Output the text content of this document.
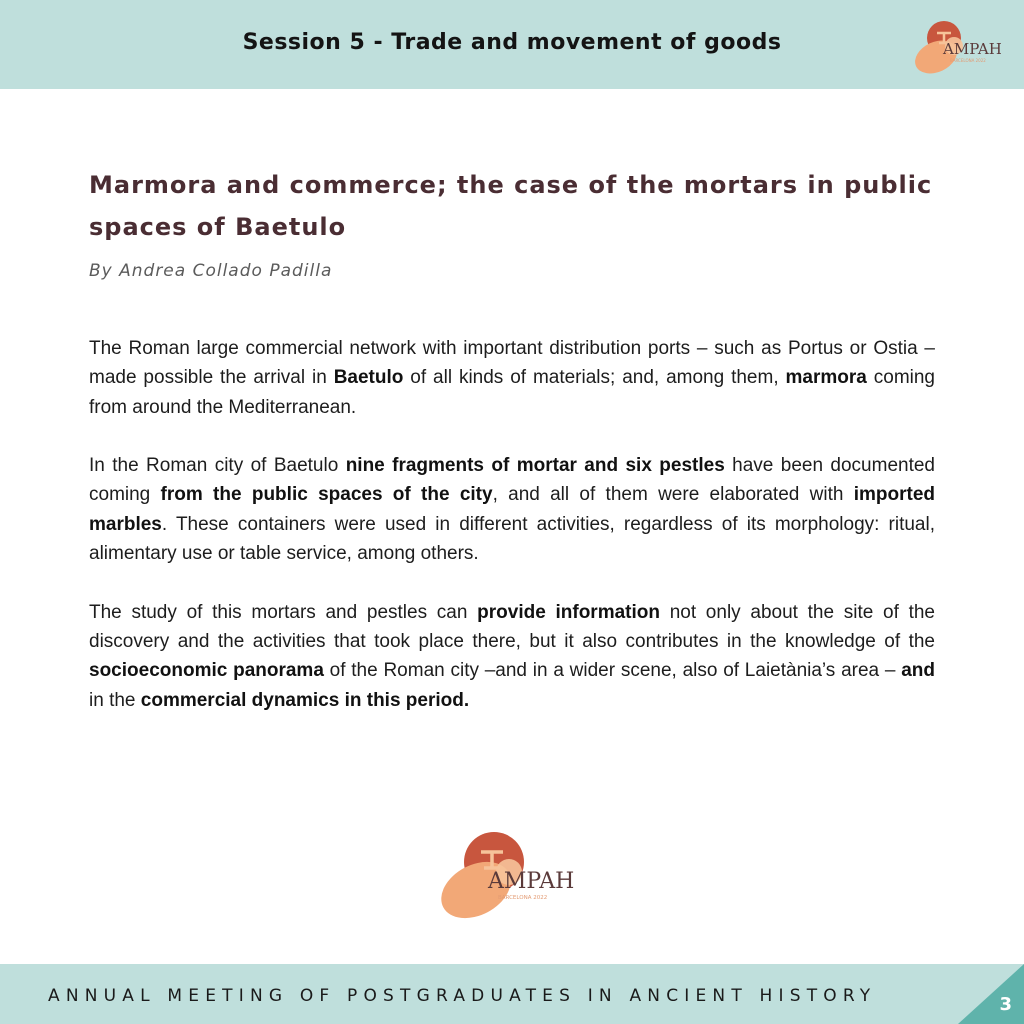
Session 5 - Trade and movement of goods	AMPAH
BARCELONA 2022
Marmora and commerce; the case of the mortars in public
spaces of Baetulo
By Andrea Collado Padilla

The Roman large commercial network with important distribution ports – such as Portus or Ostia – made possible the arrival in Baetulo of all kinds of materials; and, among them, marmora coming from around the Mediterranean.

In the Roman city of Baetulo nine fragments of mortar and six pestles have been documented coming from the public spaces of the city, and all of them were elaborated with imported marbles. These containers were used in different activities, regardless of its morphology: ritual, alimentary use or table service, among others.

The study of this mortars and pestles can provide information not only about the site of the discovery and the activities that took place there, but it also contributes in the knowledge of the socioeconomic panorama of the Roman city –and in a wider scene, also of Laietània’s area – and in the commercial dynamics in this period.

AMPAH
BARCELONA 2022
ANNUAL MEETING OF POSTGRADUATES IN ANCIENT HISTORY	3
